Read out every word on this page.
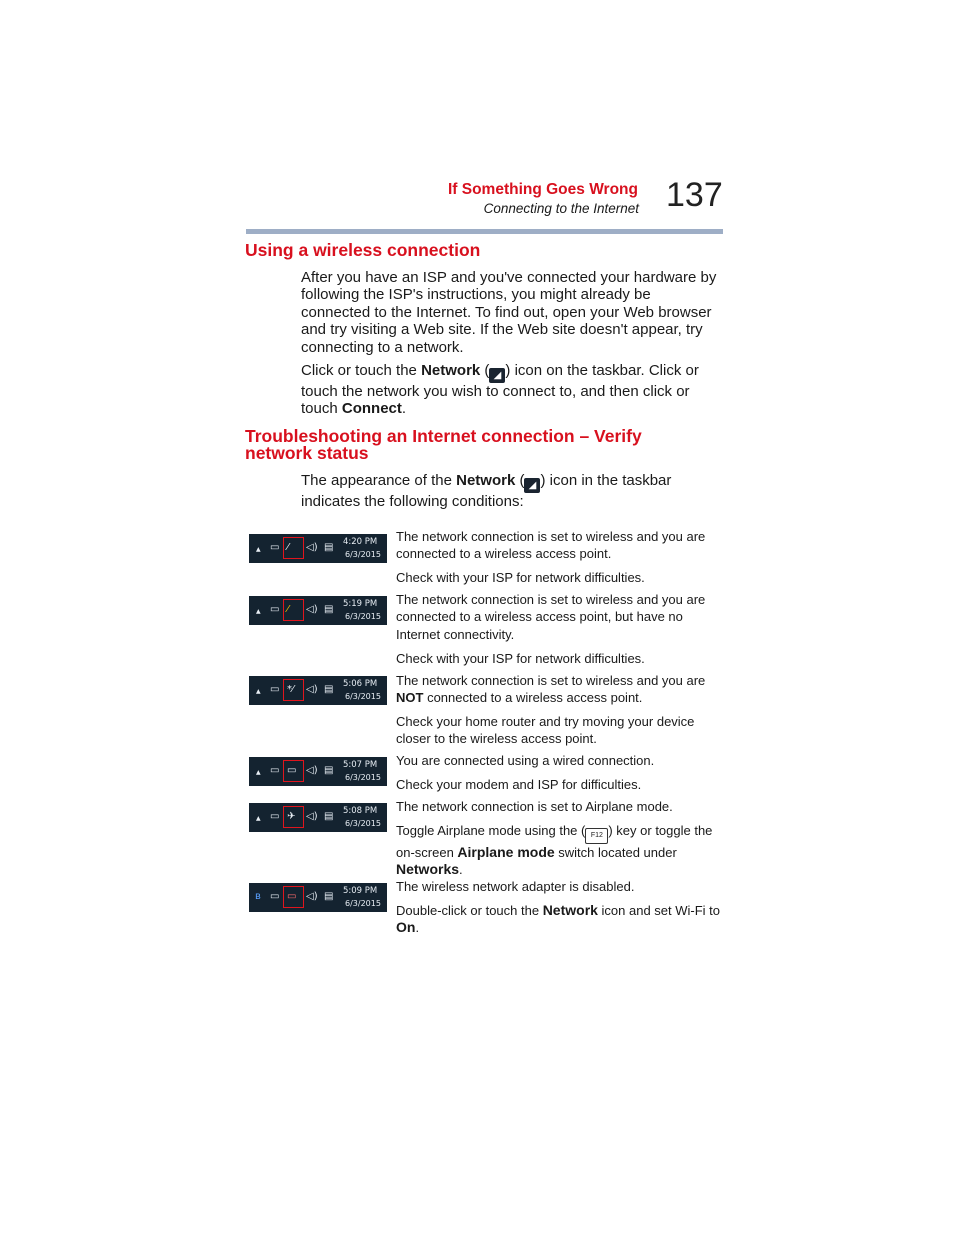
If Something Goes Wrong
Connecting to the Internet 137
Using a wireless connection
After you have an ISP and you've connected your hardware by following the ISP's instructions, you might already be connected to the Internet. To find out, open your Web browser and try visiting a Web site. If the Web site doesn't appear, try connecting to a network.
Click or touch the Network ( ◢ ) icon on the taskbar. Click or touch the network you wish to connect to, and then click or touch Connect.
Troubleshooting an Internet connection – Verify
network status
The appearance of the Network ( ◢ ) icon in the taskbar indicates the following conditions:
▲ ▭ ⁄ ◁) ▤ 4:20 PM
6/3/2015
The network connection is set to wireless and you are connected to a wireless access point.
Check with your ISP for network difficulties.
▲ ▭ ⁄ ◁) ▤ 5:19 PM
6/3/2015
The network connection is set to wireless and you are connected to a wireless access point, but have no Internet connectivity.
Check with your ISP for network difficulties.
▲ ▭ *⁄ ◁) ▤ 5:06 PM
6/3/2015
The network connection is set to wireless and you are NOT connected to a wireless access point.
Check your home router and try moving your device closer to the wireless access point.
▲ ▭ ▭ ◁) ▤ 5:07 PM
6/3/2015
You are connected using a wired connection.
Check your modem and ISP for difficulties.
▲ ▭ ✈ ◁) ▤ 5:08 PM
6/3/2015
The network connection is set to Airplane mode.
Toggle Airplane mode using the ( F12 ) key or toggle the on-screen Airplane mode switch located under Networks.
ʙ ▭ ▭ ◁) ▤ 5:09 PM
6/3/2015
The wireless network adapter is disabled.
Double-click or touch the Network icon and set Wi-Fi to On.
